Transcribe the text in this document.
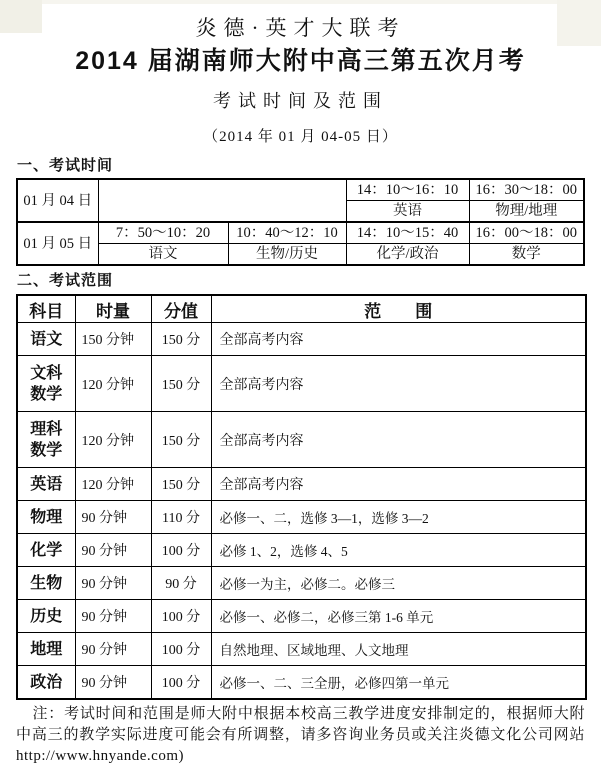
炎德·英才大联考
2014 届湖南师大附中高三第五次月考
考试时间及范围
（2014 年 01 月 04-05 日）
一、考试时间
01 月 04 日			14：10～16：10	16：30～18：00
			英语	物理/地理
01 月 05 日	7：50～10：20	10：40～12：10	14：10～15：40	16：00～18：00
	语文	生物/历史	化学/政治	数学
二、考试范围
科目	时量	分值	范　　围
语文	150 分钟	150 分	全部高考内容
文科数学	120 分钟	150 分	全部高考内容
理科数学	120 分钟	150 分	全部高考内容
英语	120 分钟	150 分	全部高考内容
物理	90 分钟	110 分	必修一、二，选修 3—1，选修 3—2
化学	90 分钟	100 分	必修 1、2，选修 4、5
生物	90 分钟	90 分	必修一为主，必修二。必修三
历史	90 分钟	100 分	必修一、必修二，必修三第 1-6 单元
地理	90 分钟	100 分	自然地理、区域地理、人文地理
政治	90 分钟	100 分	必修一、二、三全册，必修四第一单元
注：考试时间和范围是师大附中根据本校高三教学进度安排制定的，根据师大附中高三的教学实际进度可能会有所调整，请多咨询业务员或关注炎德文化公司网站 http://www.hnyande.com)
